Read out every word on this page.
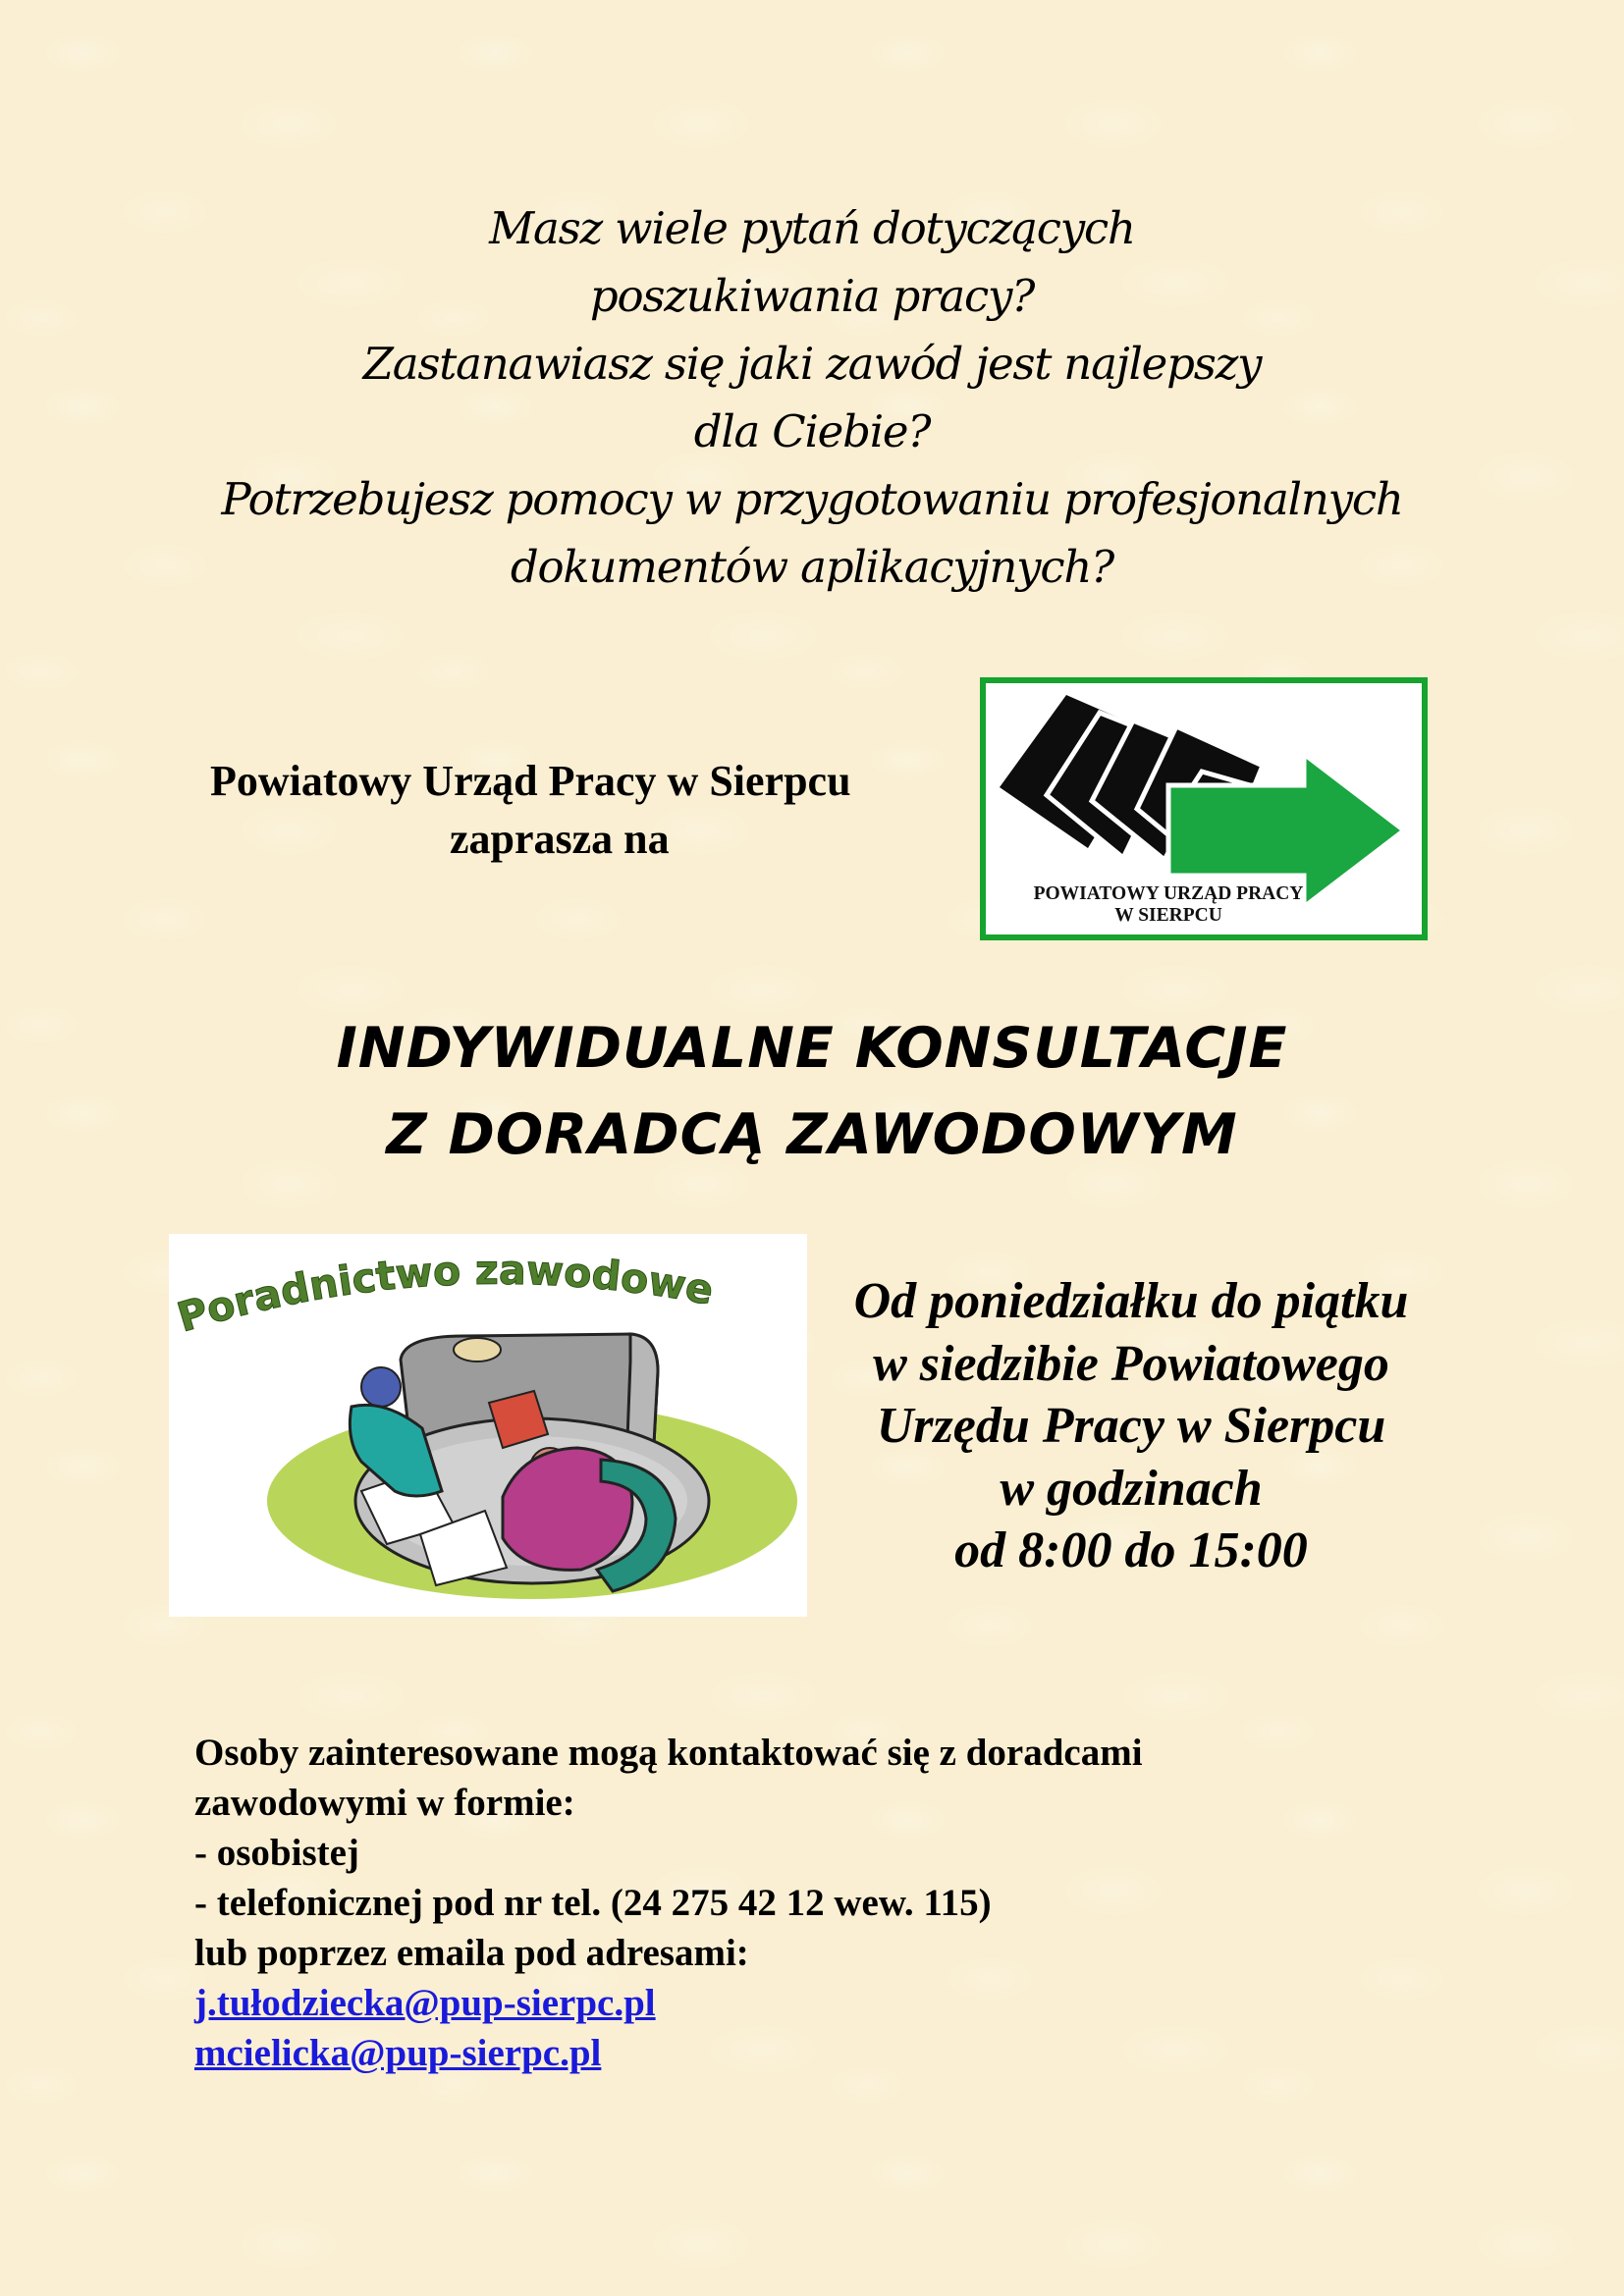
Masz wiele pytań dotyczących
poszukiwania pracy?
Zastanawiasz się jaki zawód jest najlepszy
dla Ciebie?
Potrzebujesz pomocy w przygotowaniu profesjonalnych
dokumentów aplikacyjnych?
Powiatowy Urząd Pracy w Sierpcu
zaprasza na
POWIATOWY URZĄD PRACY
W SIERPCU
INDYWIDUALNE KONSULTACJE
Z DORADCĄ ZAWODOWYM
Poradnictwo zawodowe	Od poniedziałku do piątku
w siedzibie Powiatowego
Urzędu Pracy w Sierpcu
w godzinach
od 8:00 do 15:00
Osoby zainteresowane mogą kontaktować się z doradcami
zawodowymi w formie:
- osobistej
- telefonicznej pod nr tel. (24 275 42 12 wew. 115)
lub poprzez emaila pod adresami:
j.tułodziecka@pup-sierpc.pl
mcielicka@pup-sierpc.pl
